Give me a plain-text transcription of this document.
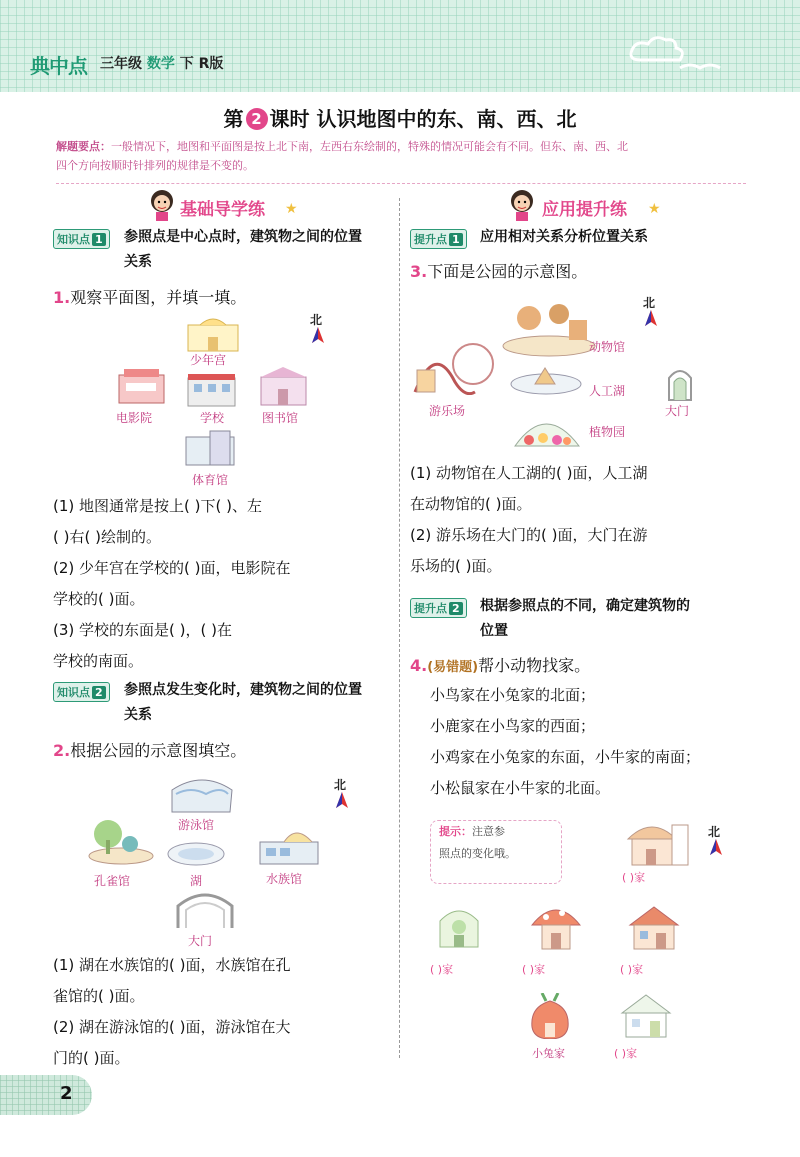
典中点 三年级 数学 下 R版
第 2 课时 认识地图中的东、南、西、北
解题要点：一般情况下，地图和平面图是按上北下南，左西右东绘制的，特殊的情况可能会有不同。但东、南、西、北
四个方向按顺时针排列的规律是不变的。
基础导学练 ★
知识点 1	参照点是中心点时，建筑物之间的位置
关系
1.观察平面图，并填一填。
北
少年宫
电影院	学校	图书馆
体育馆
(1) 地图通常是按上( )下( )、左
( )右( )绘制的。
(2) 少年宫在学校的( )面，电影院在
学校的( )面。
(3) 学校的东面是( )，( )在
学校的南面。
知识点 2	参照点发生变化时，建筑物之间的位置
关系
2.根据公园的示意图填空。
北
游泳馆
孔雀馆	湖	水族馆
大门
(1) 湖在水族馆的( )面，水族馆在孔
雀馆的( )面。
(2) 湖在游泳馆的( )面，游泳馆在大
门的( )面。
应用提升练 ★
提升点 1	应用相对关系分析位置关系
3.下面是公园的示意图。
北
动物馆
游乐场
人工湖
大门
植物园
(1) 动物馆在人工湖的( )面，人工湖
在动物馆的( )面。
(2) 游乐场在大门的( )面，大门在游
乐场的( )面。
提升点 2	根据参照点的不同，确定建筑物的
位置
4.(易错题)帮小动物找家。
小鸟家在小兔家的北面；
小鹿家在小鸟家的西面；
小鸡家在小兔家的东面，小牛家的南面；
小松鼠家在小牛家的北面。
提示：注意参
照点的变化哦。
北
( )家
( )家	( )家	( )家
小兔家	( )家
2
